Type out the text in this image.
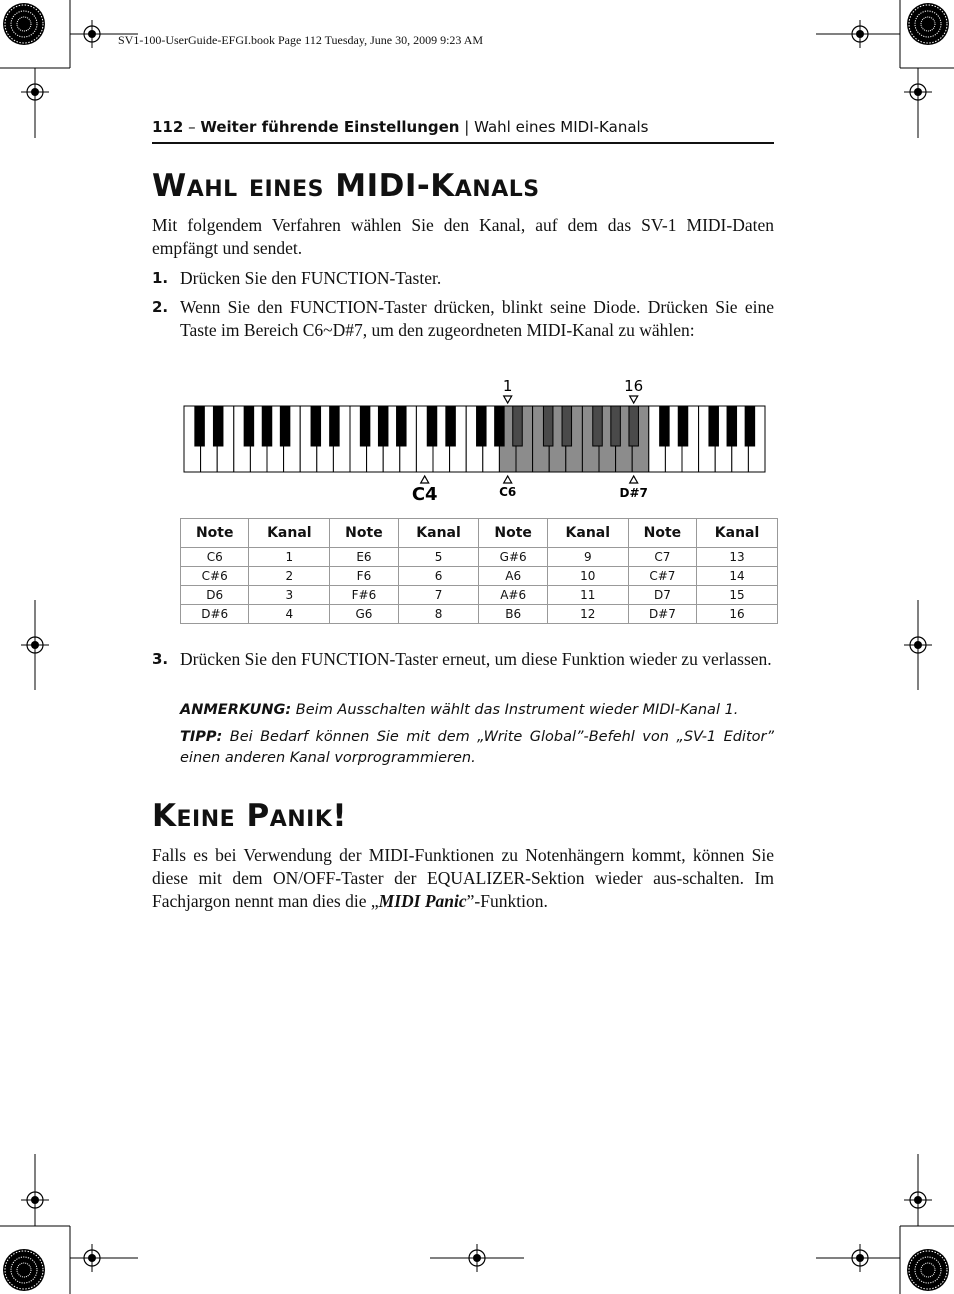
SV1-100-UserGuide-EFGI.book Page 112 Tuesday, June 30, 2009 9:23 AM
112 – Weiter führende Einstellungen | Wahl eines MIDI-Kanals
Wahl eines MIDI-Kanals
Mit folgendem Verfahren wählen Sie den Kanal, auf dem das SV-1 MIDI-Daten empfängt und sendet.
1. Drücken Sie den FUNCTION-Taster.
2. Wenn Sie den FUNCTION-Taster drücken, blinkt seine Diode. Drücken Sie eine Taste im Bereich C6~D#7, um den zugeordneten MIDI-Kanal zu wählen:
1	16
C4	C6	D#7
Note	Kanal	Note	Kanal	Note	Kanal	Note	Kanal
C6	1	E6	5	G#6	9	C7	13
C#6	2	F6	6	A6	10	C#7	14
D6	3	F#6	7	A#6	11	D7	15
D#6	4	G6	8	B6	12	D#7	16
3. Drücken Sie den FUNCTION-Taster erneut, um diese Funktion wieder zu verlassen.
ANMERKUNG: Beim Ausschalten wählt das Instrument wieder MIDI-Kanal 1.
TIPP: Bei Bedarf können Sie mit dem „Write Global”-Befehl von „SV-1 Editor” einen anderen Kanal vorprogrammieren.
Keine Panik!
Falls es bei Verwendung der MIDI-Funktionen zu Notenhängern kommt, können Sie diese mit dem ON/OFF-Taster der EQUALIZER-Sektion wieder aus-schalten. Im Fachjargon nennt man dies die „MIDI Panic”-Funktion.
